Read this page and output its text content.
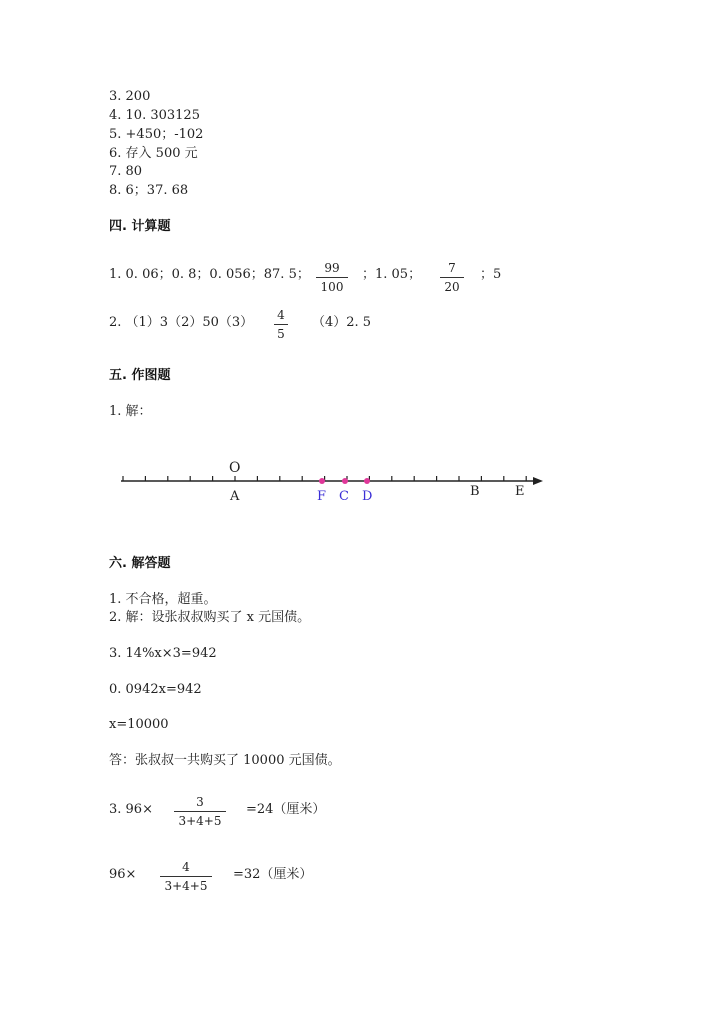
3. 200
4. 10. 303125
5. +450；-102
6. 存入 500 元
7. 80
8. 6；37. 68
四. 计算题
1. 0. 06；0. 8；0. 056；87. 5；	99
100
；1. 05；	7
20
；5
2. （1）3（2）50（3） 4
5
（4）2. 5
五. 作图题
1. 解：
O
A	F C D	B	E
六. 解答题
1. 不合格，超重。
2. 解：设张叔叔购买了 x 元国债。
3. 14%x×3=942
0. 0942x=942
x=10000
答：张叔叔一共购买了 10000 元国债。
3. 96×	3
3+4+5
=24（厘米）
96×	4
3+4+5
=32（厘米）
